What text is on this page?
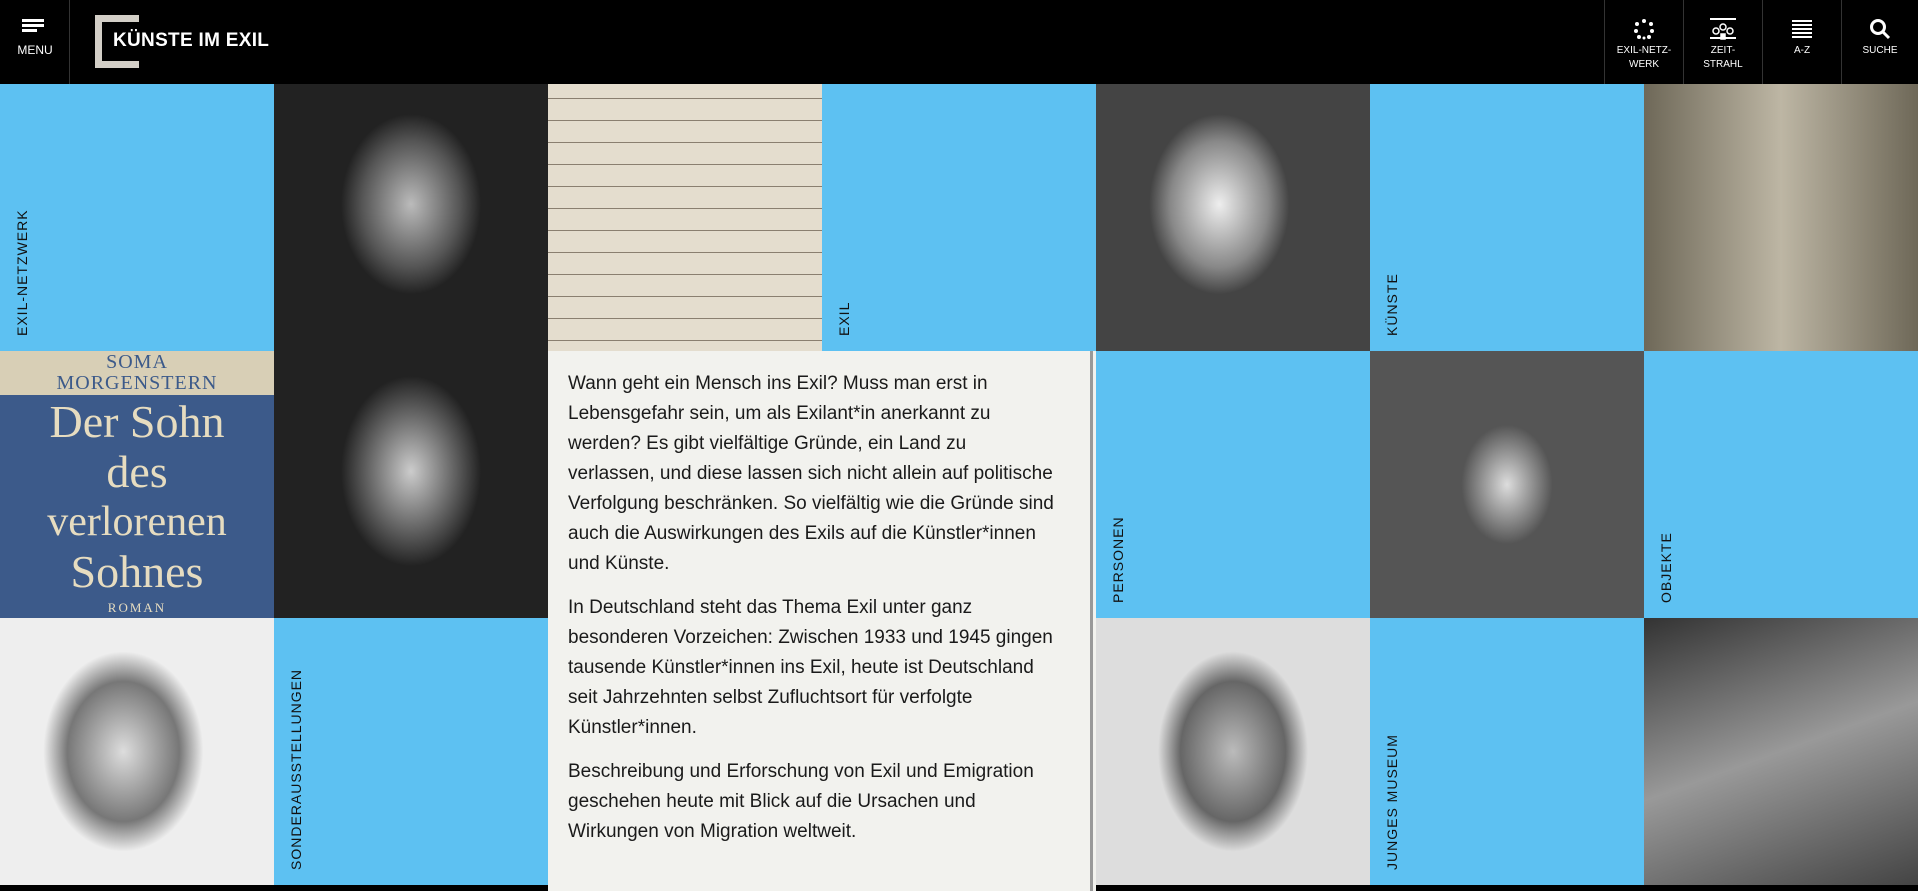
MENU	KÜNSTE IM EXIL	EXIL-NETZ-
WERK
ZEIT-
STRAHL
A-Z	SUCHE
EXIL-NETZWERK	EXIL	KÜNSTE
SOMA
MORGENSTERN
Der Sohn
des
verlorenen
Sohnes
ROMAN
PERSONEN	OBJEKTE
SONDERAUSSTELLUNGEN	JUNGES MUSEUM

Wann geht ein Mensch ins Exil? Muss man erst in Lebensgefahr sein, um als Exilant*in anerkannt zu werden? Es gibt vielfältige Gründe, ein Land zu verlassen, und diese lassen sich nicht allein auf politische Verfolgung beschränken. So vielfältig wie die Gründe sind auch die Auswirkungen des Exils auf die Künstler*innen und Künste.

In Deutschland steht das Thema Exil unter ganz besonderen Vorzeichen: Zwischen 1933 und 1945 gingen tausende Künstler*innen ins Exil, heute ist Deutschland seit Jahrzehnten selbst Zufluchtsort für verfolgte Künstler*innen.

Beschreibung und Erforschung von Exil und Emigration geschehen heute mit Blick auf die Ursachen und Wirkungen von Migration weltweit.
